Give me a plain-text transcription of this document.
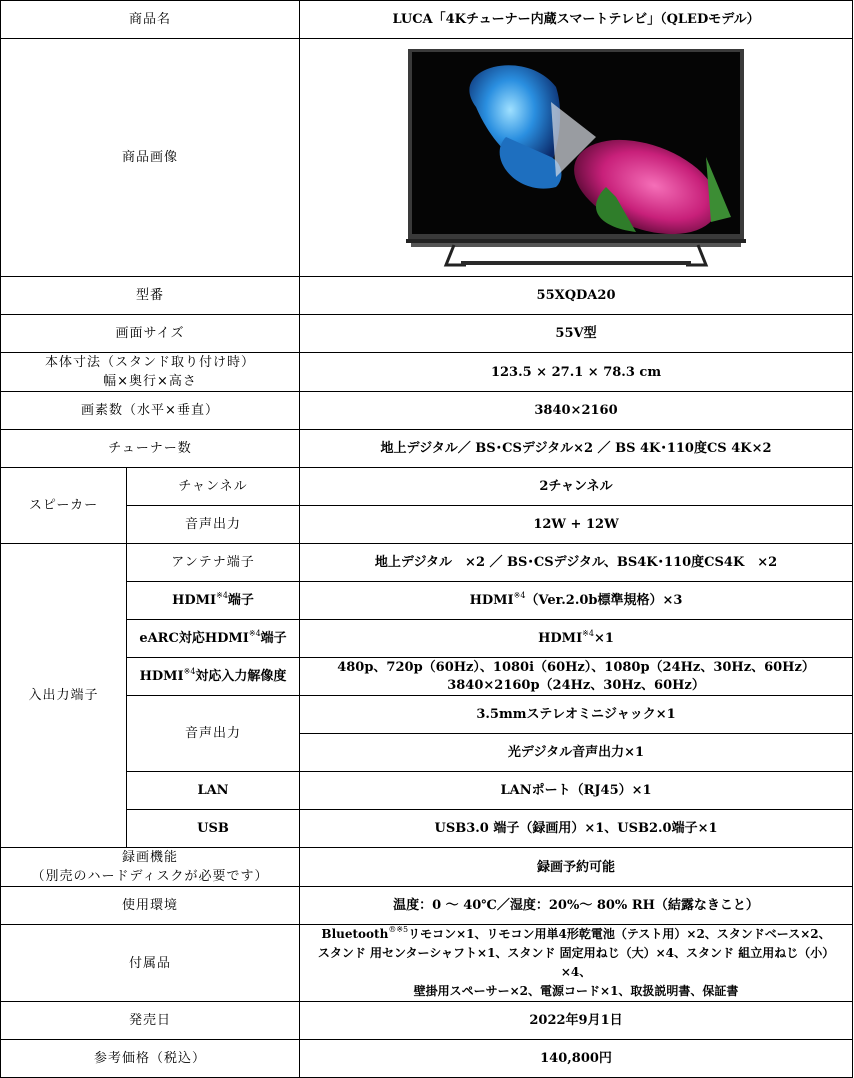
商品名		LUCA「4Kチューナー内蔵スマートテレビ」（QLEDモデル）
商品画像	

型番		55XQDA20
画面サイズ		55V型

本体寸法（スタンド取り付け時）
幅×奥行×高さ		123.5 × 27.1 × 78.3 cm
画素数（水平×垂直）		3840×2160
チューナー数		地上デジタル／ BS･CSデジタル×2 ／ BS 4K･110度CS 4K×2
スピーカー	チャンネル	2チャンネル
	音声出力	12W + 12W
入出力端子	アンテナ端子	地上デジタル　×2 ／ BS･CSデジタル、BS4K･110度CS4K　×2
	HDMI$^{※4}$端子	HDMI$^{※4}$（Ver.2.0b標準規格）×3
	eARC対応HDMI$^{※4}$端子	$HDMI^{※4}\times 1$
	HDMI$^{※4}$対応入力解像度	480p、720p（60Hz）、1080i（60Hz）、1080p（24Hz、30Hz、60Hz）
3840×2160p（24Hz、30Hz、60Hz）

	音声出力	3.5mmステレオミニジャック×1
		光デジタル音声出力×1
	LAN	LANポート（RJ45）×1
	USB	USB3.0 端子（録画用）×1、USB2.0端子×1

録画機能
（別売のハードディスクが必要です）		録画予約可能
使用環境		温度：0 ～ 40℃／湿度：20%～ 80% RH（結露なきこと）
付属品		Bluetooth$^{®※5}$リモコン×1、リモコン用単4形乾電池（テスト用）×2、スタンドベース×2、
スタンド 用センターシャフト×1、スタンド 固定用ねじ（大）×4、スタンド 組立用ねじ（小）×4、
壁掛用スペーサー×2、電源コード×1、取扱説明書、保証書

発売日		2022年9月1日
参考価格（税込）		140,800円
